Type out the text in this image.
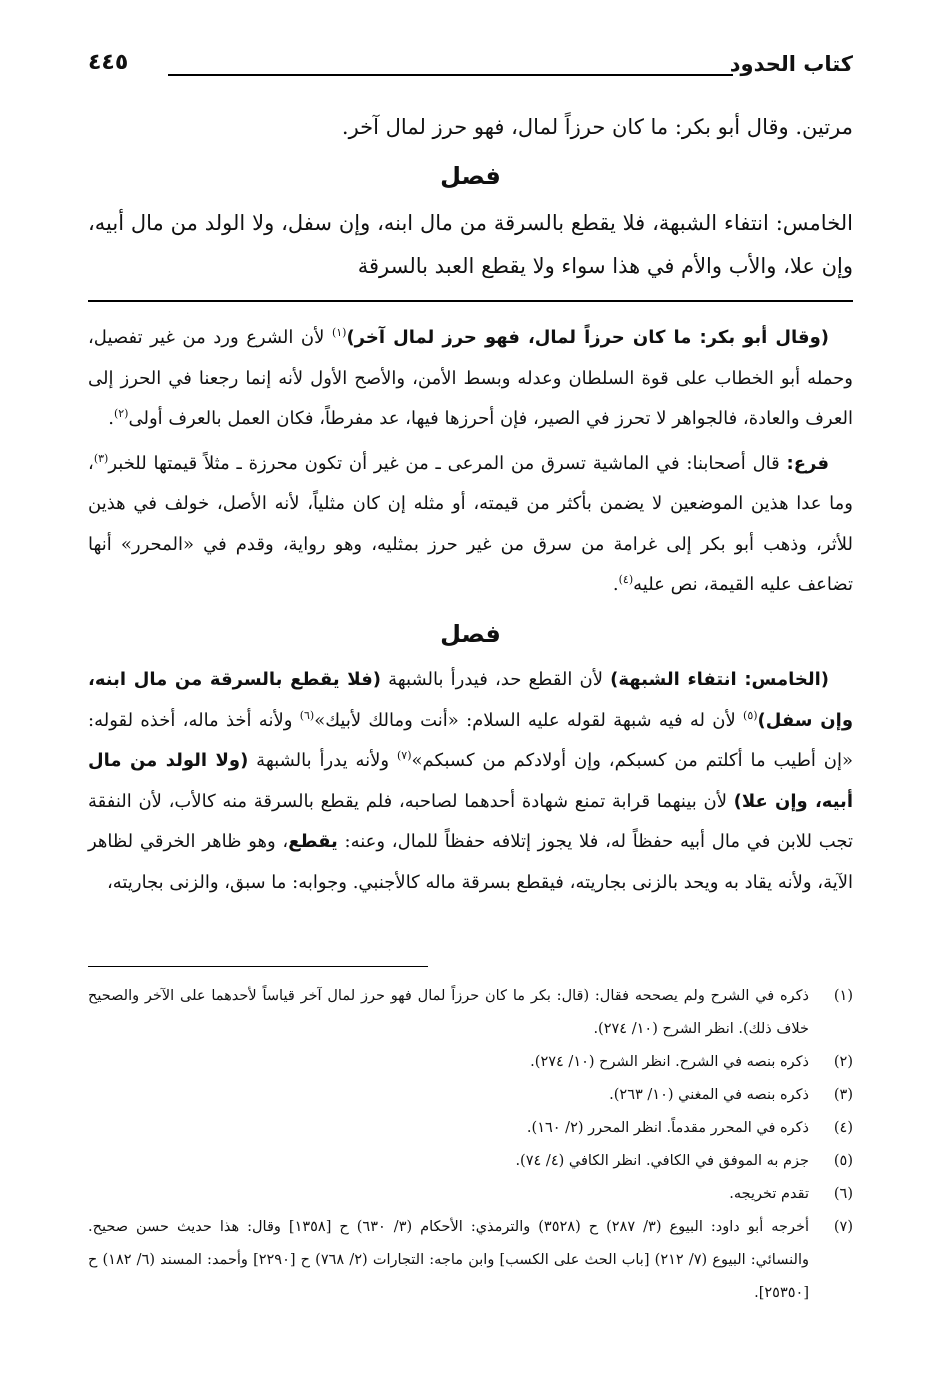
كتاب الحدود
٤٤٥

مرتين. وقال أبو بكر: ما كان حرزاً لمال، فهو حرز لمال آخر.

فصل

الخامس: انتفاء الشبهة، فلا يقطع بالسرقة من مال ابنه، وإن سفل، ولا الولد من مال أبيه، وإن علا، والأب والأم في هذا سواء ولا يقطع العبد بالسرقة

(وقال أبو بكر: ما كان حرزاً لمال، فهو حرز لمال آخر)$^{(١)}$ لأن الشرع ورد من غير تفصيل، وحمله أبو الخطاب على قوة السلطان وعدله وبسط الأمن، والأصح الأول لأنه إنما رجعنا في الحرز إلى العرف والعادة، فالجواهر لا تحرز في الصير، فإن أحرزها فيها، عد مفرطاً، فكان العمل بالعرف أولى$^{(٢)}$.

فرع: قال أصحابنا: في الماشية تسرق من المرعى ـ من غير أن تكون محرزة ـ مثلاً قيمتها للخبر$^{(٣)}$، وما عدا هذين الموضعين لا يضمن بأكثر من قيمته، أو مثله إن كان مثلياً، لأنه الأصل، خولف في هذين للأثر، وذهب أبو بكر إلى غرامة من سرق من غير حرز بمثليه، وهو رواية، وقدم في «المحرر» أنها تضاعف عليه القيمة، نص عليه$^{(٤)}$.

فصل

(الخامس: انتفاء الشبهة) لأن القطع حد، فيدرأ بالشبهة (فلا يقطع بالسرقة من مال ابنه، وإن سفل)$^{(٥)}$ لأن له فيه شبهة لقوله عليه السلام: «أنت ومالك لأبيك»$^{(٦)}$ ولأنه أخذ ماله، أخذه لقوله: «إن أطيب ما أكلتم من كسبكم، وإن أولادكم من كسبكم»$^{(٧)}$ ولأنه يدرأ بالشبهة (ولا الولد من مال أبيه، وإن علا) لأن بينهما قرابة تمنع شهادة أحدهما لصاحبه، فلم يقطع بالسرقة منه كالأب، لأن النفقة تجب للابن في مال أبيه حفظاً له، فلا يجوز إتلافه حفظاً للمال، وعنه: يقطع، وهو ظاهر الخرقي لظاهر الآية، ولأنه يقاد به ويحد بالزنى بجاريته، فيقطع بسرقة ماله كالأجنبي. وجوابه: ما سبق، والزنى بجاريته،

(١)
ذكره في الشرح ولم يصححه فقال: (قال: بكر ما كان حرزاً لمال فهو حرز لمال آخر قياساً لأحدهما على الآخر والصحيح خلاف ذلك). انظر الشرح (١٠/ ٢٧٤).
(٢)
ذكره بنصه في الشرح. انظر الشرح (١٠/ ٢٧٤).
(٣)
ذكره بنصه في المغني (١٠/ ٢٦٣).
(٤)
ذكره في المحرر مقدماً. انظر المحرر (٢/ ١٦٠).
(٥)
جزم به الموفق في الكافي. انظر الكافي (٤/ ٧٤).
(٦)
تقدم تخريجه.
(٧)
أخرجه أبو داود: البيوع (٣/ ٢٨٧) ح (٣٥٢٨) والترمذي: الأحكام (٣/ ٦٣٠) ح [١٣٥٨] وقال: هذا حديث حسن صحيح. والنسائي: البيوع (٧/ ٢١٢) [باب الحث على الكسب] وابن ماجه: التجارات (٢/ ٧٦٨) ح [٢٢٩٠] وأحمد: المسند (٦/ ١٨٢) ح [٢٥٣٥٠].
